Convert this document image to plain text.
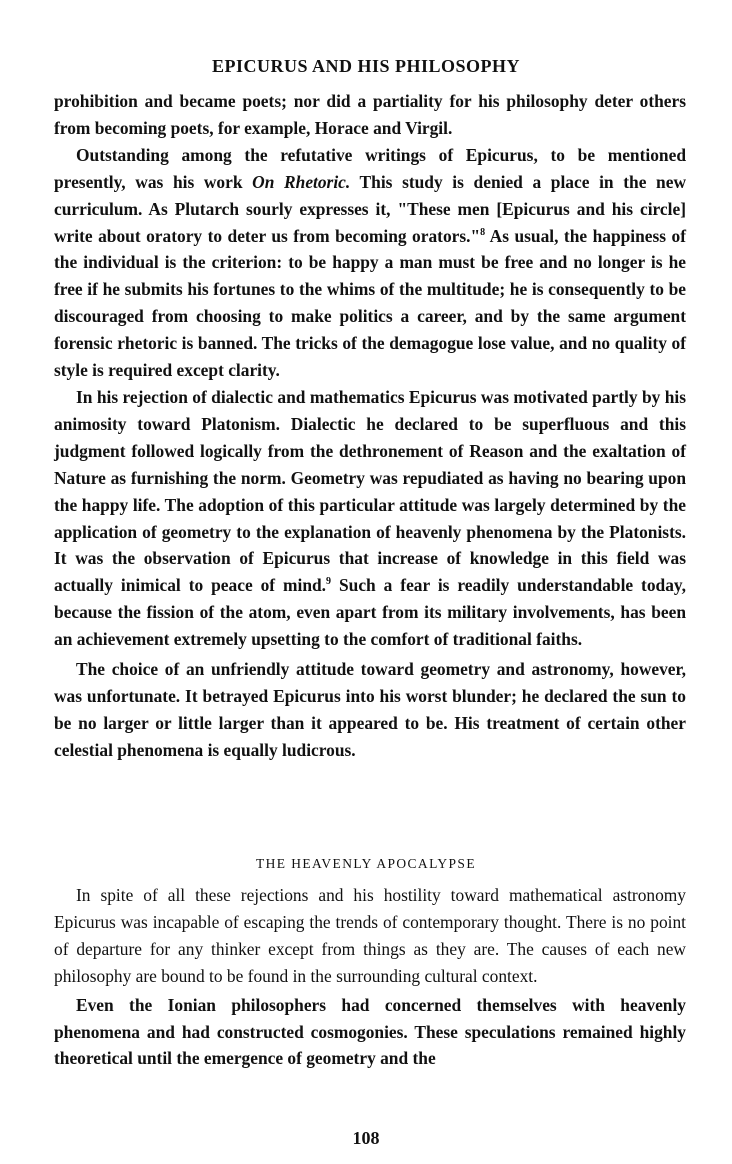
EPICURUS AND HIS PHILOSOPHY

prohibition and became poets; nor did a partiality for his philosophy deter others from becoming poets, for example, Horace and Virgil.

Outstanding among the refutative writings of Epicurus, to be mentioned presently, was his work On Rhetoric. This study is denied a place in the new curriculum. As Plutarch sourly expresses it, "These men [Epicurus and his circle] write about oratory to deter us from becoming orators."$^8$ As usual, the happiness of the individual is the criterion: to be happy a man must be free and no longer is he free if he submits his fortunes to the whims of the multitude; he is consequently to be discouraged from choosing to make politics a career, and by the same argument forensic rhetoric is banned. The tricks of the demagogue lose value, and no quality of style is required except clarity.

In his rejection of dialectic and mathematics Epicurus was motivated partly by his animosity toward Platonism. Dialectic he declared to be superfluous and this judgment followed logically from the dethronement of Reason and the exaltation of Nature as furnishing the norm. Geometry was repudiated as having no bearing upon the happy life. The adoption of this particular attitude was largely determined by the application of geometry to the explanation of heavenly phenomena by the Platonists. It was the observation of Epicurus that increase of knowledge in this field was actually inimical to peace of mind.$^9$ Such a fear is readily understandable today, because the fission of the atom, even apart from its military involvements, has been an achievement extremely upsetting to the comfort of traditional faiths.

The choice of an unfriendly attitude toward geometry and astronomy, however, was unfortunate. It betrayed Epicurus into his worst blunder; he declared the sun to be no larger or little larger than it appeared to be. His treatment of certain other celestial phenomena is equally ludicrous.

THE HEAVENLY APOCALYPSE

In spite of all these rejections and his hostility toward mathematical astronomy Epicurus was incapable of escaping the trends of contemporary thought. There is no point of departure for any thinker except from things as they are. The causes of each new philosophy are bound to be found in the surrounding cultural context.

Even the Ionian philosophers had concerned themselves with heavenly phenomena and had constructed cosmogonies. These speculations remained highly theoretical until the emergence of geometry and the

108
